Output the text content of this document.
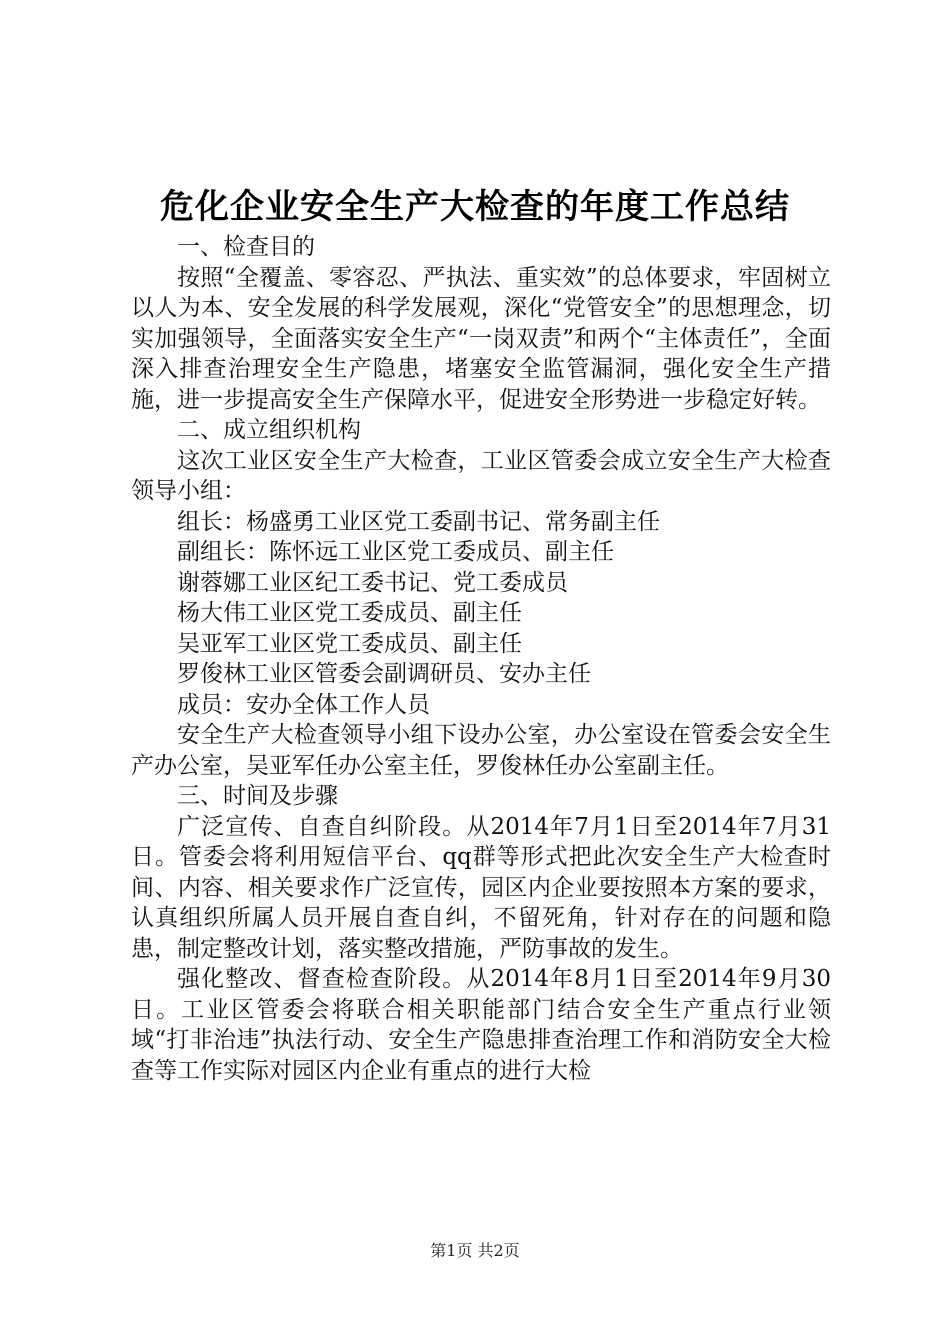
危化企业安全生产大检查的年度工作总结

一、检查目的

按照“全覆盖、零容忍、严执法、重实效”的总体要求，牢固树立以人为本、安全发展的科学发展观，深化“党管安全”的思想理念，切实加强领导，全面落实安全生产“一岗双责”和两个“主体责任”，全面深入排查治理安全生产隐患，堵塞安全监管漏洞，强化安全生产措施，进一步提高安全生产保障水平，促进安全形势进一步稳定好转。

二、成立组织机构

这次工业区安全生产大检查，工业区管委会成立安全生产大检查领导小组：

组长：杨盛勇工业区党工委副书记、常务副主任

副组长：陈怀远工业区党工委成员、副主任

谢蓉娜工业区纪工委书记、党工委成员

杨大伟工业区党工委成员、副主任

吴亚军工业区党工委成员、副主任

罗俊林工业区管委会副调研员、安办主任

成员：安办全体工作人员

安全生产大检查领导小组下设办公室，办公室设在管委会安全生产办公室，吴亚军任办公室主任，罗俊林任办公室副主任。

三、时间及步骤

广泛宣传、自查自纠阶段。从2014年7月1日至2014年7月31日。管委会将利用短信平台、qq群等形式把此次安全生产大检查时间、内容、相关要求作广泛宣传，园区内企业要按照本方案的要求，认真组织所属人员开展自查自纠，不留死角，针对存在的问题和隐患，制定整改计划，落实整改措施，严防事故的发生。

强化整改、督查检查阶段。从2014年8月1日至2014年9月30日。工业区管委会将联合相关职能部门结合安全生产重点行业领域“打非治违”执法行动、安全生产隐患排查治理工作和消防安全大检查等工作实际对园区内企业有重点的进行大检

第1页 共2页
